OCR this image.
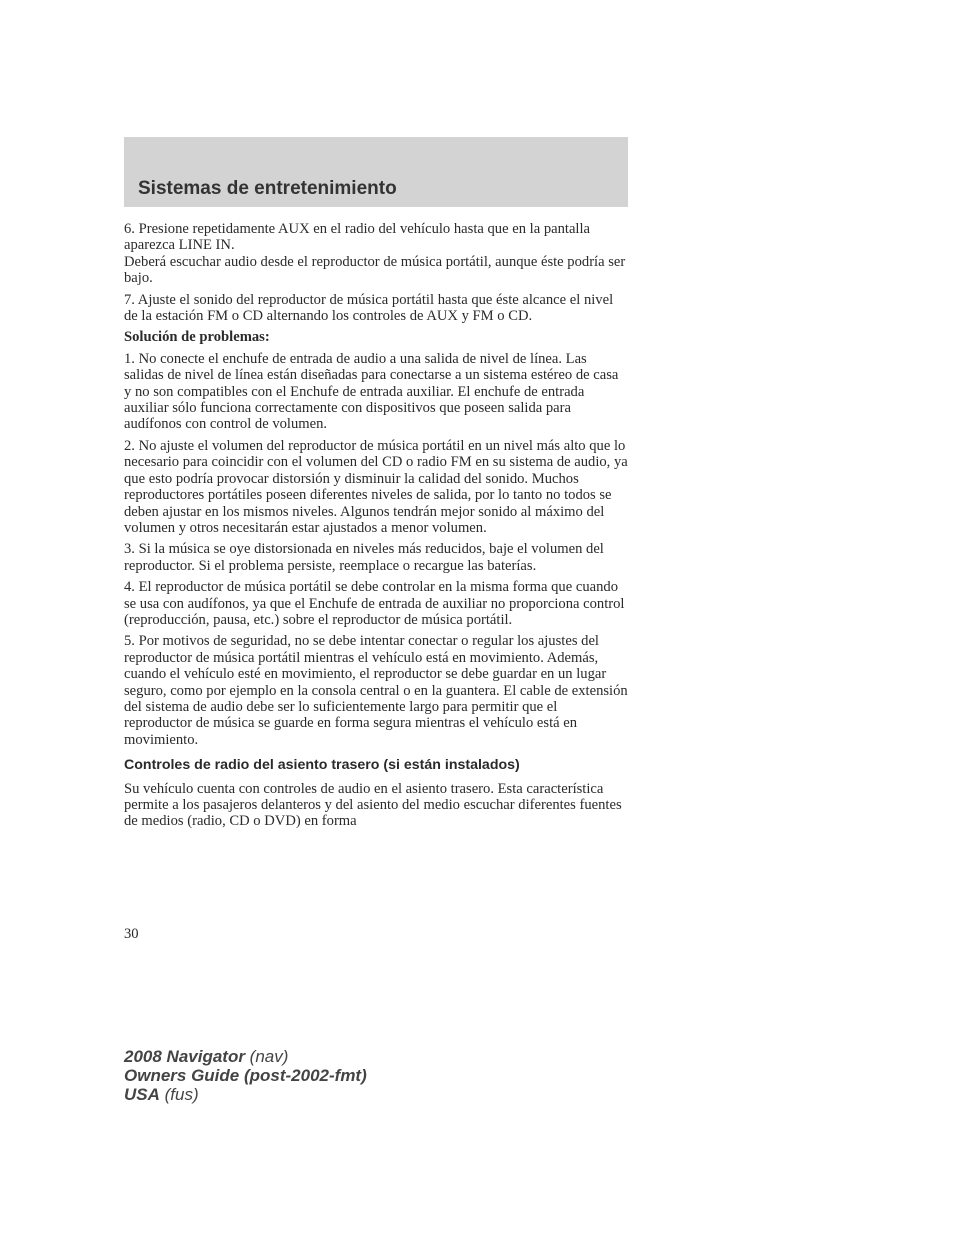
Sistemas de entretenimiento

6. Presione repetidamente AUX en el radio del vehículo hasta que en la pantalla aparezca LINE IN.
Deberá escuchar audio desde el reproductor de música portátil, aunque éste podría ser bajo.

7. Ajuste el sonido del reproductor de música portátil hasta que éste alcance el nivel de la estación FM o CD alternando los controles de AUX y FM o CD.

Solución de problemas:

1. No conecte el enchufe de entrada de audio a una salida de nivel de línea. Las salidas de nivel de línea están diseñadas para conectarse a un sistema estéreo de casa y no son compatibles con el Enchufe de entrada auxiliar. El enchufe de entrada auxiliar sólo funciona correctamente con dispositivos que poseen salida para audífonos con control de volumen.

2. No ajuste el volumen del reproductor de música portátil en un nivel más alto que lo necesario para coincidir con el volumen del CD o radio FM en su sistema de audio, ya que esto podría provocar distorsión y disminuir la calidad del sonido. Muchos reproductores portátiles poseen diferentes niveles de salida, por lo tanto no todos se deben ajustar en los mismos niveles. Algunos tendrán mejor sonido al máximo del volumen y otros necesitarán estar ajustados a menor volumen.

3. Si la música se oye distorsionada en niveles más reducidos, baje el volumen del reproductor. Si el problema persiste, reemplace o recargue las baterías.

4. El reproductor de música portátil se debe controlar en la misma forma que cuando se usa con audífonos, ya que el Enchufe de entrada de auxiliar no proporciona control (reproducción, pausa, etc.) sobre el reproductor de música portátil.

5. Por motivos de seguridad, no se debe intentar conectar o regular los ajustes del reproductor de música portátil mientras el vehículo está en movimiento. Además, cuando el vehículo esté en movimiento, el reproductor se debe guardar en un lugar seguro, como por ejemplo en la consola central o en la guantera. El cable de extensión del sistema de audio debe ser lo suficientemente largo para permitir que el reproductor de música se guarde en forma segura mientras el vehículo está en movimiento.

Controles de radio del asiento trasero (si están instalados)

Su vehículo cuenta con controles de audio en el asiento trasero. Esta característica permite a los pasajeros delanteros y del asiento del medio escuchar diferentes fuentes de medios (radio, CD o DVD) en forma

30
2008 Navigator (nav)
Owners Guide (post-2002-fmt)
USA (fus)
